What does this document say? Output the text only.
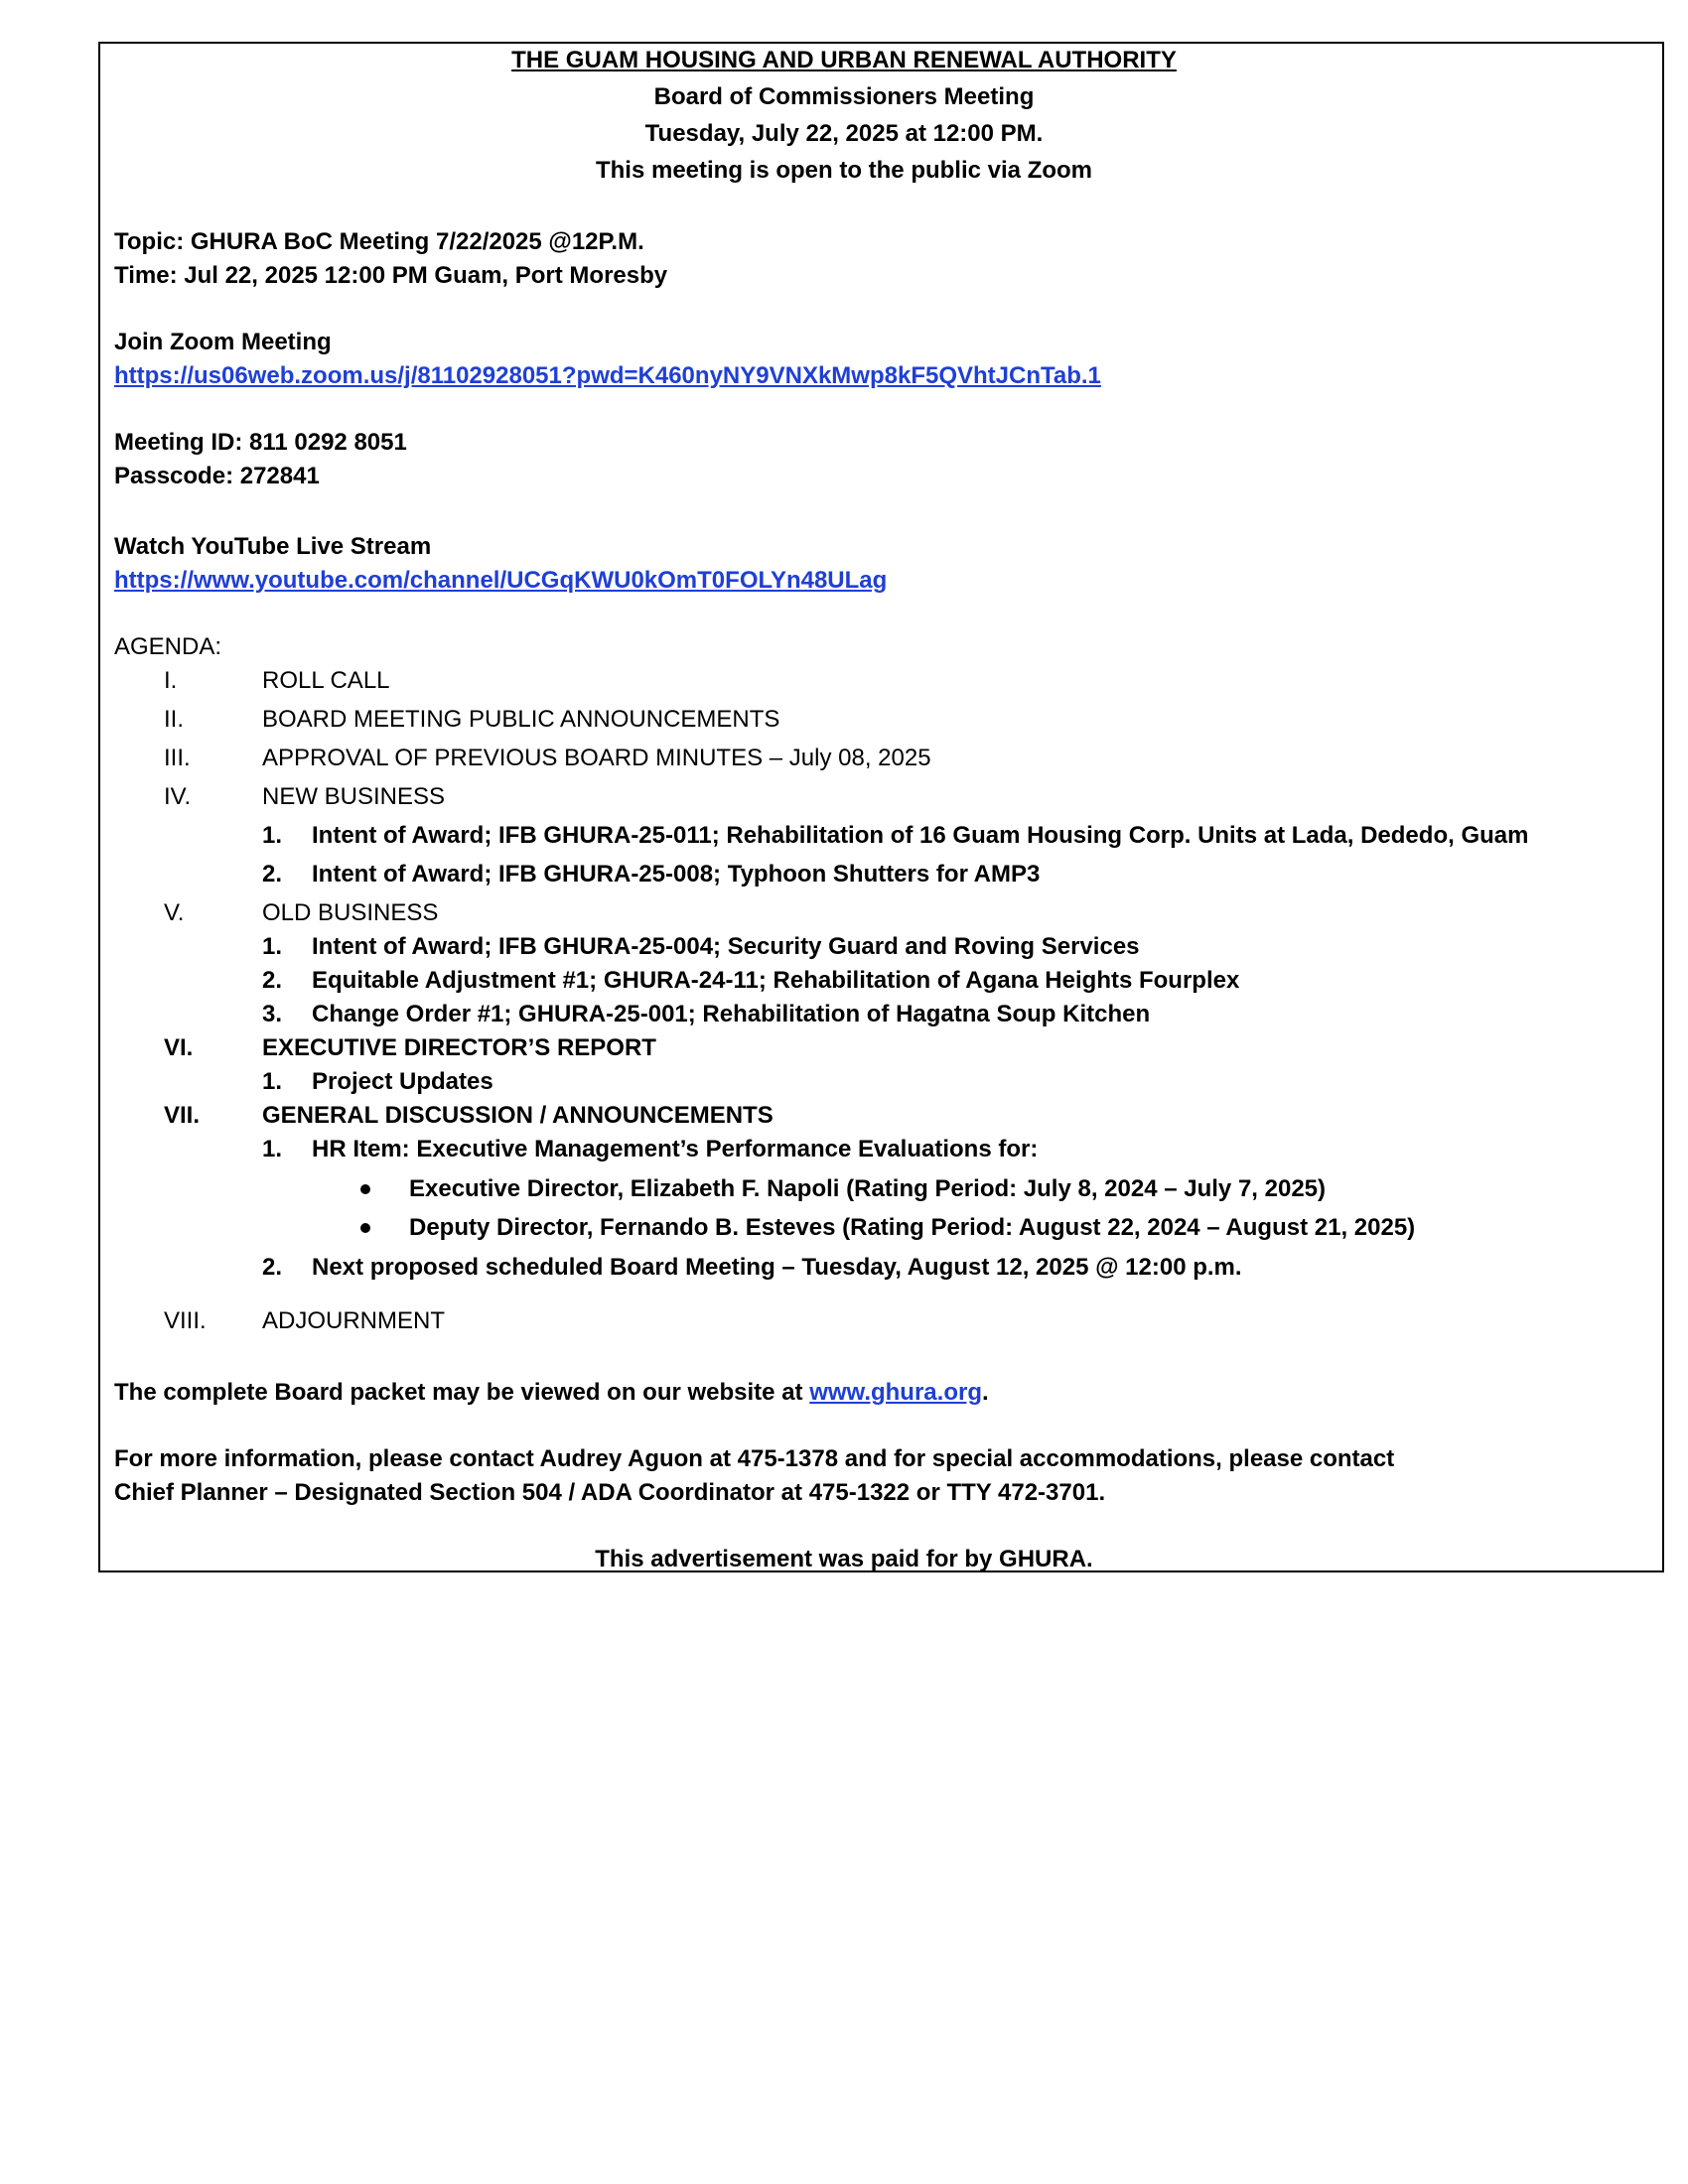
THE GUAM HOUSING AND URBAN RENEWAL AUTHORITY
Board of Commissioners Meeting
Tuesday, July 22, 2025 at 12:00 PM.
This meeting is open to the public via Zoom
Topic: GHURA BoC Meeting 7/22/2025 @12P.M.
Time: Jul 22, 2025 12:00 PM Guam, Port Moresby
Join Zoom Meeting
https://us06web.zoom.us/j/81102928051?pwd=K460nyNY9VNXkMwp8kF5QVhtJCnTab.1
Meeting ID: 811 0292 8051
Passcode: 272841
Watch YouTube Live Stream
https://www.youtube.com/channel/UCGqKWU0kOmT0FOLYn48ULag
AGENDA:
I.	ROLL CALL
II.	BOARD MEETING PUBLIC ANNOUNCEMENTS
III.	APPROVAL OF PREVIOUS BOARD MINUTES – July 08, 2025
IV.	NEW BUSINESS
1. Intent of Award; IFB GHURA-25-011; Rehabilitation of 16 Guam Housing Corp. Units at Lada, Dededo, Guam
2. Intent of Award; IFB GHURA-25-008; Typhoon Shutters for AMP3
V.	OLD BUSINESS
1. Intent of Award; IFB GHURA-25-004; Security Guard and Roving Services
2. Equitable Adjustment #1; GHURA-24-11; Rehabilitation of Agana Heights Fourplex
3. Change Order #1; GHURA-25-001; Rehabilitation of Hagatna Soup Kitchen
VI.	EXECUTIVE DIRECTOR’S REPORT
1. Project Updates
VII.	GENERAL DISCUSSION / ANNOUNCEMENTS
1. HR Item: Executive Management’s Performance Evaluations for:
Executive Director, Elizabeth F. Napoli (Rating Period: July 8, 2024 – July 7, 2025)
Deputy Director, Fernando B. Esteves (Rating Period: August 22, 2024 – August 21, 2025)
2. Next proposed scheduled Board Meeting – Tuesday, August 12, 2025 @ 12:00 p.m.
VIII. ADJOURNMENT
The complete Board packet may be viewed on our website at www.ghura.org.
For more information, please contact Audrey Aguon at 475-1378 and for special accommodations, please contact
Chief Planner – Designated Section 504 / ADA Coordinator at 475-1322 or TTY 472-3701.
This advertisement was paid for by GHURA.
